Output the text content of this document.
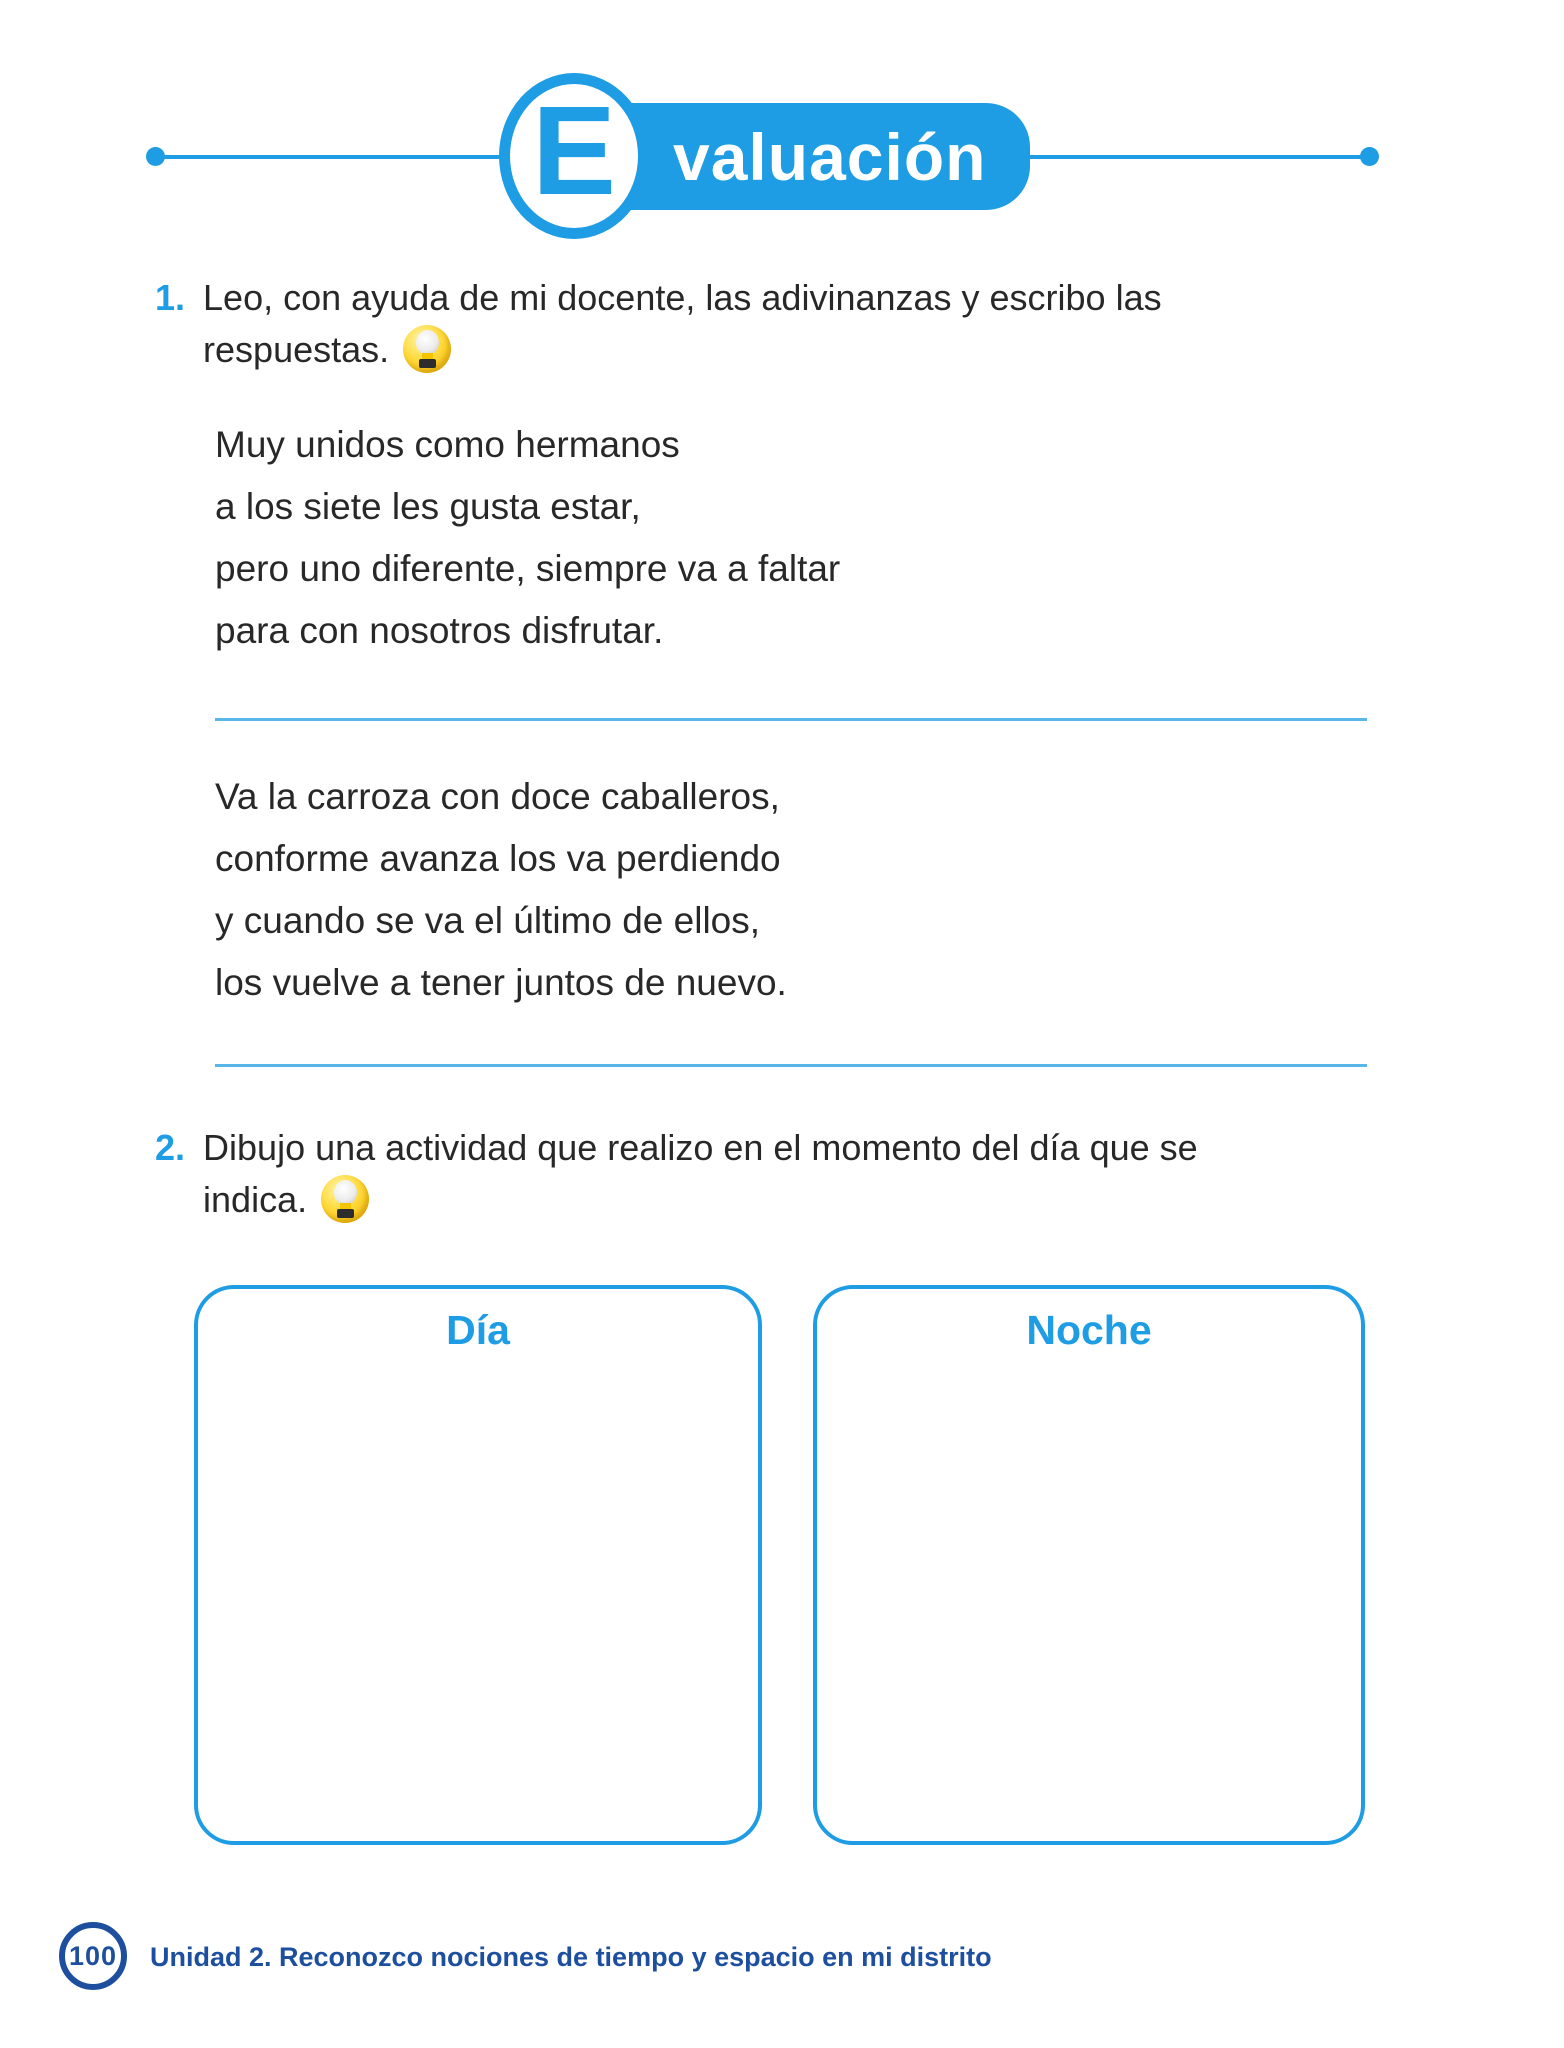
valuación
E
1. Leo, con ayuda de mi docente, las adivinanzas y escribo las
respuestas.
Muy unidos como hermanos
a los siete les gusta estar,
pero uno diferente, siempre va a faltar
para con nosotros disfrutar.
Va la carroza con doce caballeros,
conforme avanza los va perdiendo
y cuando se va el último de ellos,
los vuelve a tener juntos de nuevo.
2. Dibujo una actividad que realizo en el momento del día que se
indica.
Día	Noche
100 Unidad 2. Reconozco nociones de tiempo y espacio en mi distrito
